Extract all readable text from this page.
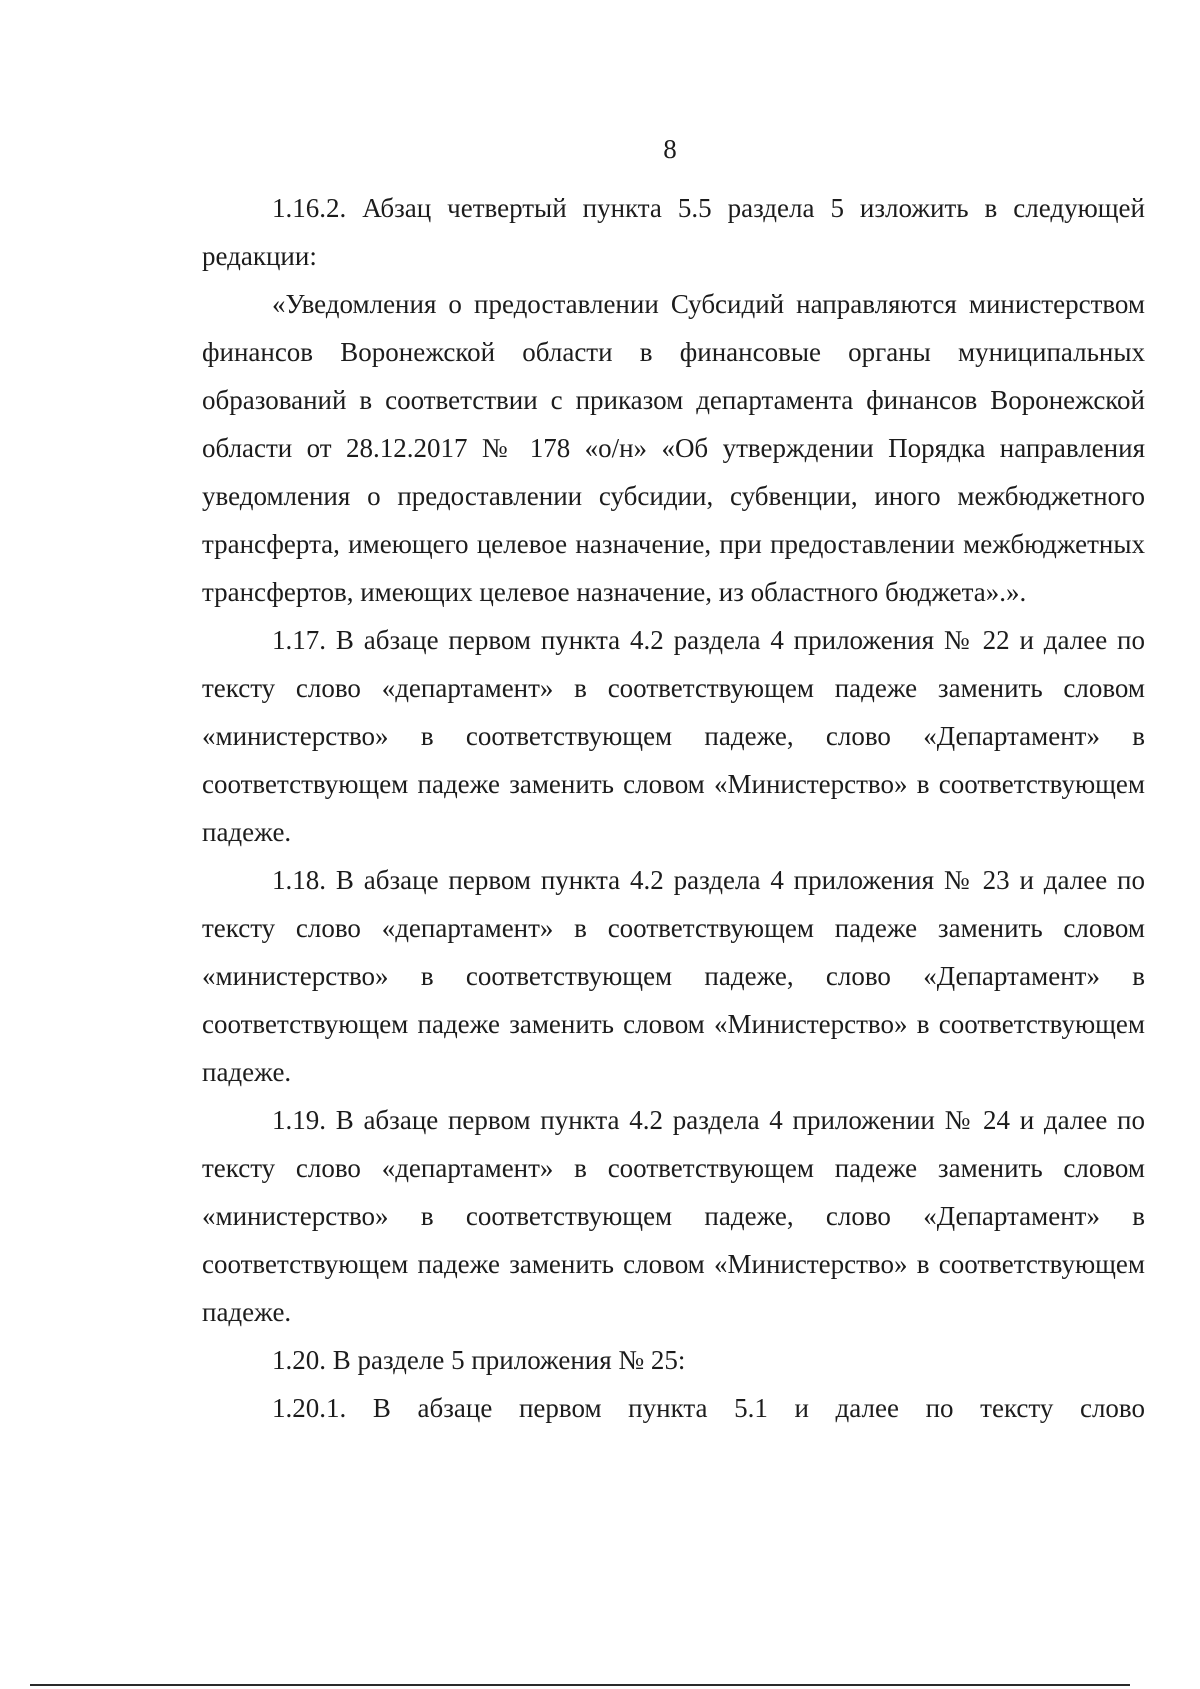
8

1.16.2. Абзац четвертый пункта 5.5 раздела 5 изложить в следующей редакции:

«Уведомления о предоставлении Субсидий направляются министерством финансов Воронежской области в финансовые органы муниципальных образований в соответствии с приказом департамента финансов Воронежской области от 28.12.2017 № 178 «о/н» «Об утверждении Порядка направления уведомления о предоставлении субсидии, субвенции, иного межбюджетного трансферта, имеющего целевое назначение, при предоставлении межбюджетных трансфертов, имеющих целевое назначение, из областного бюджета».».

1.17. В абзаце первом пункта 4.2 раздела 4 приложения № 22 и далее по тексту слово «департамент» в соответствующем падеже заменить словом «министерство» в соответствующем падеже, слово «Департамент» в соответствующем падеже заменить словом «Министерство» в соответствующем падеже.

1.18. В абзаце первом пункта 4.2 раздела 4 приложения № 23 и далее по тексту слово «департамент» в соответствующем падеже заменить словом «министерство» в соответствующем падеже, слово «Департамент» в соответствующем падеже заменить словом «Министерство» в соответствующем падеже.

1.19. В абзаце первом пункта 4.2 раздела 4 приложении № 24 и далее по тексту слово «департамент» в соответствующем падеже заменить словом «министерство» в соответствующем падеже, слово «Департамент» в соответствующем падеже заменить словом «Министерство» в соответствующем падеже.

1.20. В разделе 5 приложения № 25:

1.20.1. В абзаце первом пункта 5.1 и далее по тексту слово
